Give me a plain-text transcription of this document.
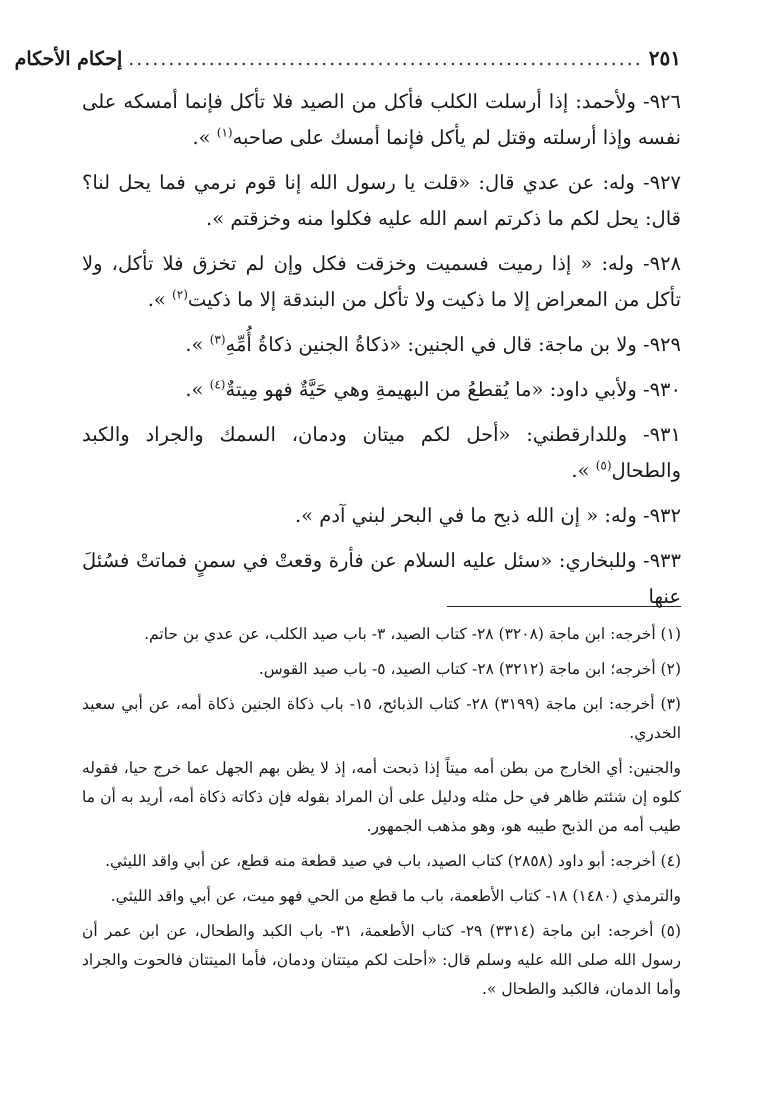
٢٥١
................................................................
إحكام الأحكام

٩٢٦- ولأحمد: إذا أرسلت الكلب فأكل من الصيد فلا تأكل فإنما أمسكه على نفسه وإذا أرسلته وقتل لم يأكل فإنما أمسك على صاحبه$^{(١)}$ ».

٩٢٧- وله: عن عدي قال: «قلت يا رسول الله إنا قوم نرمي فما يحل لنا؟ قال: يحل لكم ما ذكرتم اسم الله عليه فكلوا منه وخزقتم ».

٩٢٨- وله: « إذا رميت فسميت وخزقت فكل وإن لم تخزق فلا تأكل، ولا تأكل من المعراض إلا ما ذكيت ولا تأكل من البندقة إلا ما ذكيت$^{(٢)}$ ».

٩٢٩- ولا بن ماجة: قال في الجنين: «ذكاةُ الجنين ذكاةُ أُمِّهِ$^{(٣)}$ ».

٩٣٠- ولأبي داود: «ما يُقطعُ من البهيمةِ وهي حَيَّةٌ فهو مِيتةٌ$^{(٤)}$ ».

٩٣١- وللدارقطني: «أحل لكم ميتان ودمان، السمك والجراد والكبد والطحال$^{(٥)}$ ».

٩٣٢- وله: « إن الله ذبح ما في البحر لبني آدم ».

٩٣٣- وللبخاري: «سئل عليه السلام عن فأرة وقعتْ في سمنٍ فماتتْ فسُئلَ عنها

(١) أخرجه: ابن ماجة (٣٢٠٨) ٢٨- كتاب الصيد، ٣- باب صيد الكلب، عن عدي بن حاتم.

(٢) أخرجه؛ ابن ماجة (٣٢١٢) ٢٨- كتاب الصيد، ٥- باب صيد القوس.

(٣) أخرجه: ابن ماجة (٣١٩٩) ٢٨- كتاب الذبائح، ١٥- باب ذكاة الجنين ذكاة أمه، عن أبي سعيد الخدري.

والجنين: أي الخارج من بطن أمه ميتاً إذا ذبحت أمه، إذ لا يظن بهم الجهل عما خرج حيا، فقوله كلوه إن شئتم ظاهر في حل مثله ودليل على أن المراد بقوله فإن ذكاته ذكاة أمه، أريد به أن ما طيب أمه من الذبح طيبه هو، وهو مذهب الجمهور.

(٤) أخرجه: أبو داود (٢٨٥٨) كتاب الصيد، باب في صيد قطعة منه قطع، عن أبي واقد الليثي.

والترمذي (١٤٨٠) ١٨- كتاب الأطعمة، باب ما قطع من الحي فهو ميت، عن أبي واقد الليثي.

(٥) أخرجه: ابن ماجة (٣٣١٤) ٢٩- كتاب الأطعمة، ٣١- باب الكبد والطحال، عن ابن عمر أن رسول الله صلى الله عليه وسلم قال: «أحلت لكم ميتتان ودمان، فأما الميتتان فالحوت والجراد وأما الدمان، فالكبد والطحال ».
